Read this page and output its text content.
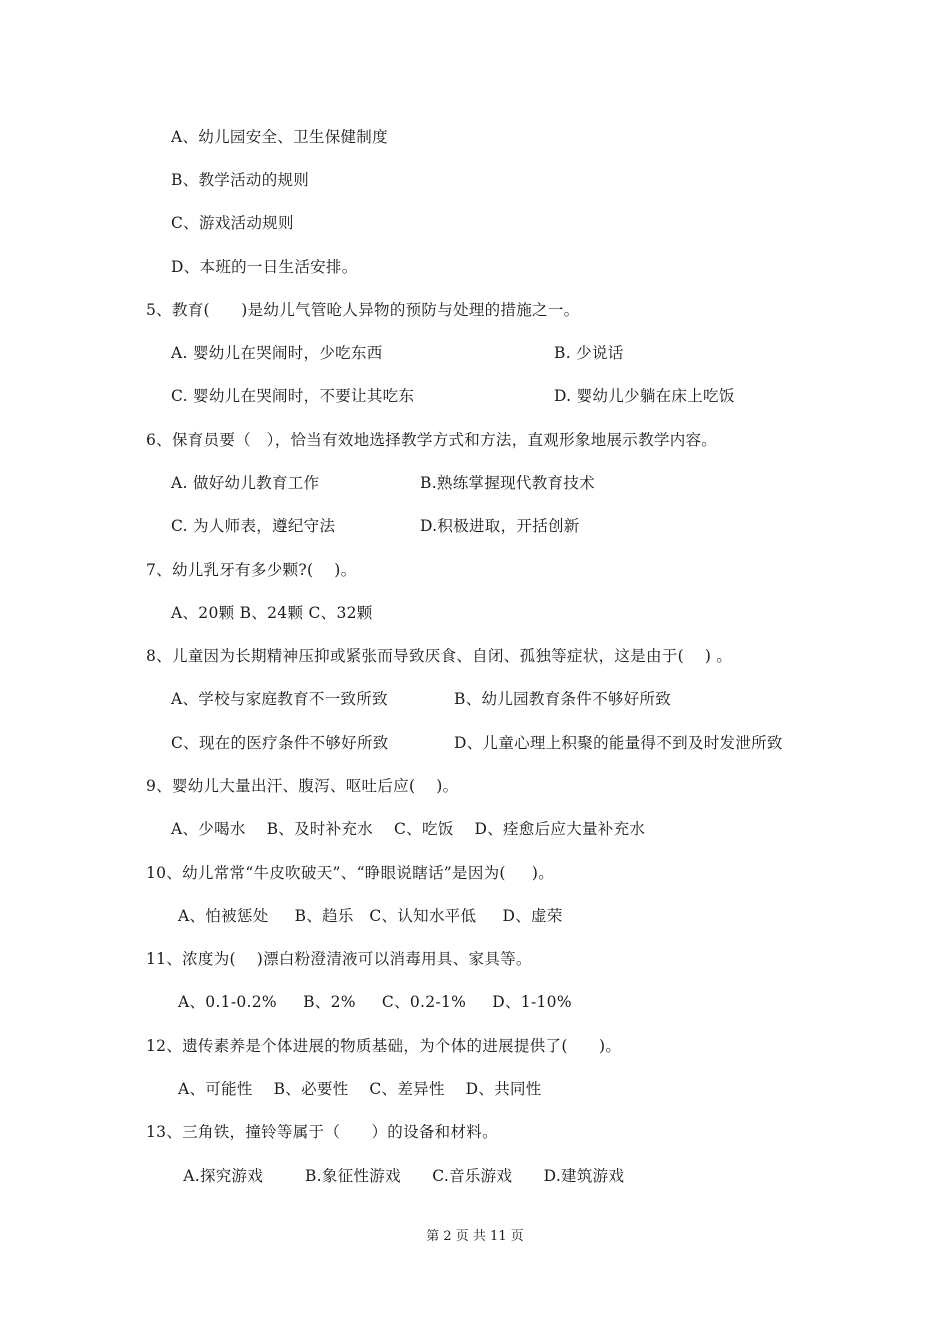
A、幼儿园安全、卫生保健制度
B、教学活动的规则
C、游戏活动规则
D、本班的一日生活安排。
5、教育(      )是幼儿气管呛人异物的预防与处理的措施之一。
A. 婴幼儿在哭闹时，少吃东西	B. 少说话
C. 婴幼儿在哭闹时，不要让其吃东	D. 婴幼儿少躺在床上吃饭
6、保育员要（   ），恰当有效地选择教学方式和方法，直观形象地展示教学内容。
A. 做好幼儿教育工作	B.熟练掌握现代教育技术
C. 为人师表，遵纪守法	D.积极进取，开括创新
7、幼儿乳牙有多少颗?(    )。
A、20颗 B、24颗 C、32颗
8、儿童因为长期精神压抑或紧张而导致厌食、自闭、孤独等症状，这是由于(    ) 。
A、学校与家庭教育不一致所致	B、幼儿园教育条件不够好所致
C、现在的医疗条件不够好所致	D、儿童心理上积聚的能量得不到及时发泄所致
9、婴幼儿大量出汗、腹泻、呕吐后应(    )。
A、少喝水    B、及时补充水    C、吃饭    D、痊愈后应大量补充水
10、幼儿常常“牛皮吹破天”、“睁眼说瞎话”是因为(     )。
A、怕被惩处     B、趋乐   C、认知水平低     D、虚荣
11、浓度为(    )漂白粉澄清液可以消毒用具、家具等。
A、0.1-0.2%     B、2%     C、0.2-1%     D、1-10%
12、遗传素养是个体进展的物质基础，为个体的进展提供了(      )。
A、可能性    B、必要性    C、差异性    D、共同性
13、三角铁，撞铃等属于（      ）的设备和材料。
A.探究游戏        B.象征性游戏      C.音乐游戏      D.建筑游戏
第 2 页 共 11 页
